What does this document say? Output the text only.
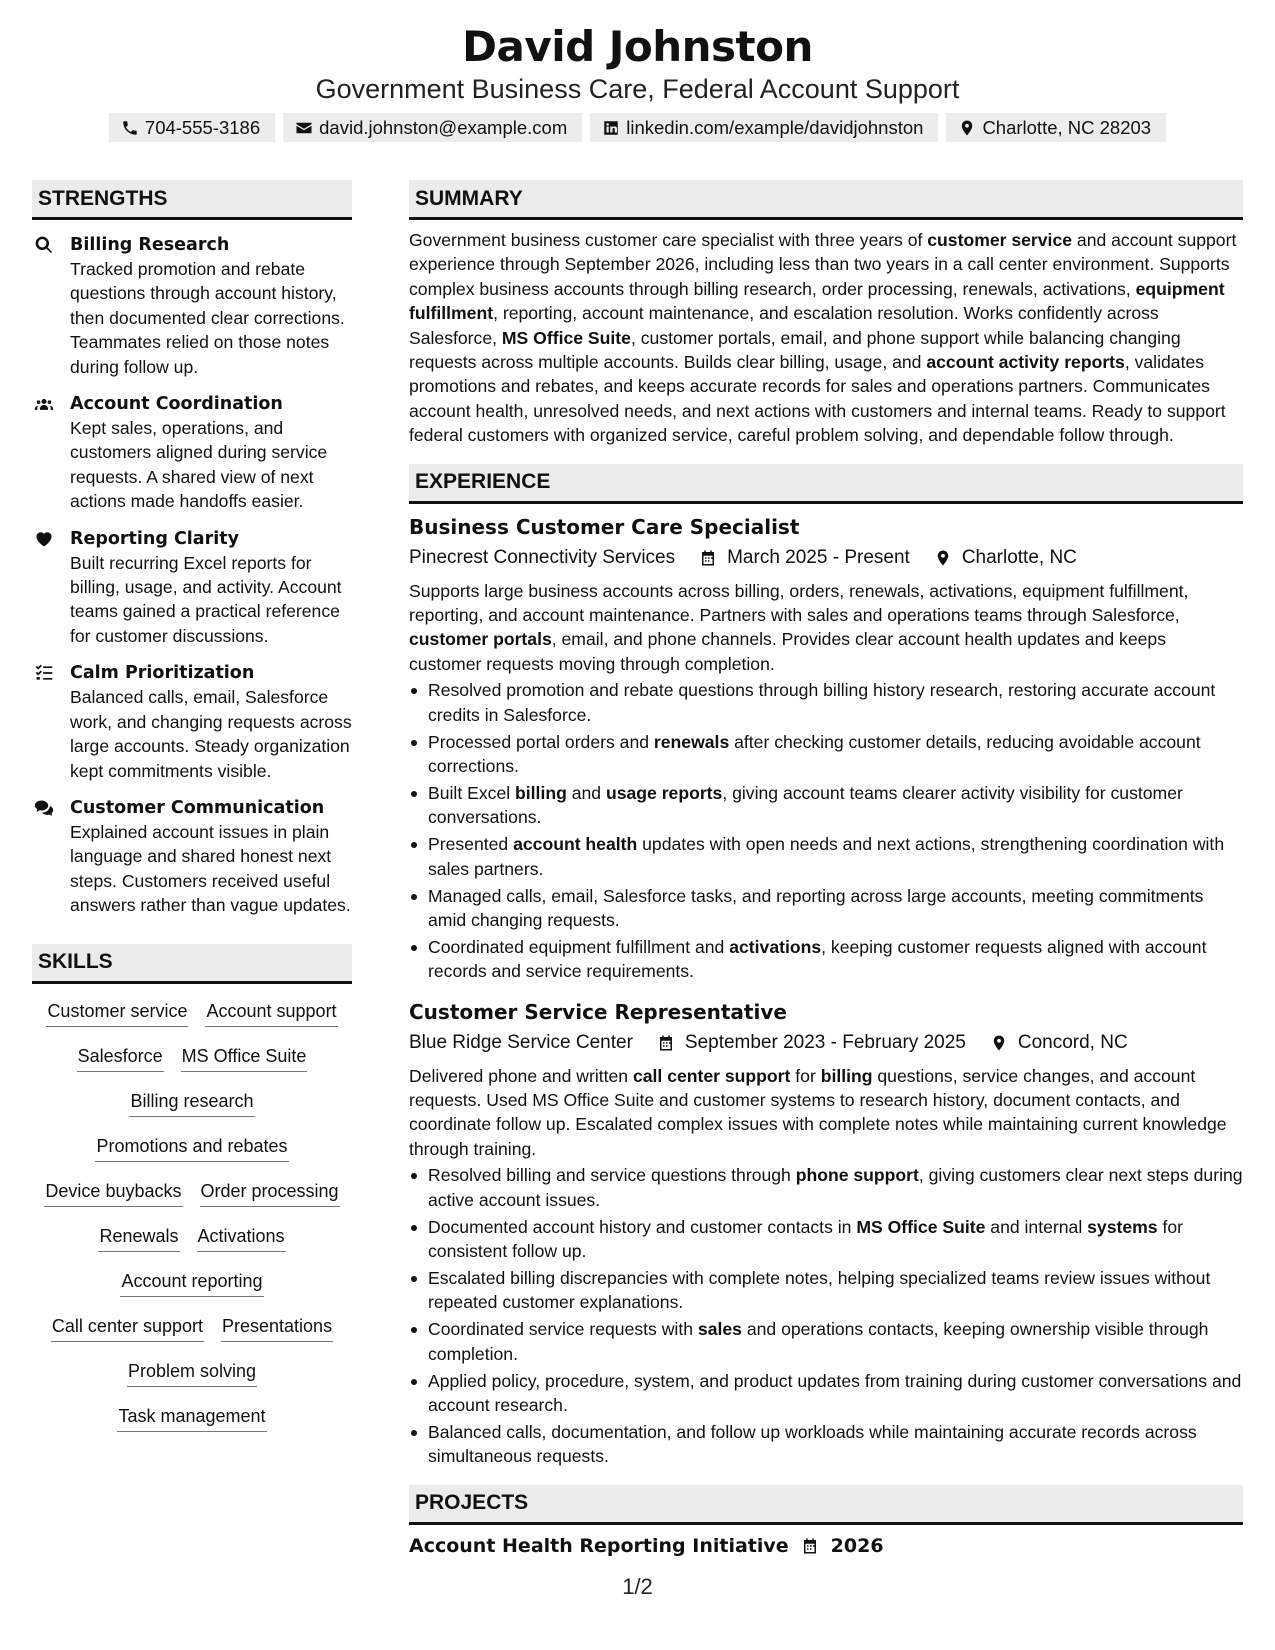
David Johnston
Government Business Care, Federal Account Support
704-555-3186	david.johnston@example.com	linkedin.com/example/davidjohnston	Charlotte, NC 28203
STRENGTHS
Billing Research
Tracked promotion and rebate questions through account history, then documented clear corrections. Teammates relied on those notes during follow up.
Account Coordination
Kept sales, operations, and customers aligned during service requests. A shared view of next actions made handoffs easier.
Reporting Clarity
Built recurring Excel reports for billing, usage, and activity. Account teams gained a practical reference for customer discussions.
Calm Prioritization
Balanced calls, email, Salesforce work, and changing requests across large accounts. Steady organization kept commitments visible.
Customer Communication
Explained account issues in plain language and shared honest next steps. Customers received useful answers rather than vague updates.
SKILLS
Customer service Account support
Salesforce MS Office Suite
Billing research
Promotions and rebates
Device buybacks Order processing
Renewals Activations
Account reporting
Call center support Presentations
Problem solving
Task management
SUMMARY
Government business customer care specialist with three years of customer service and account support experience through September 2026, including less than two years in a call center environment. Supports complex business accounts through billing research, order processing, renewals, activations, equipment fulfillment, reporting, account maintenance, and escalation resolution. Works confidently across Salesforce, MS Office Suite, customer portals, email, and phone support while balancing changing requests across multiple accounts. Builds clear billing, usage, and account activity reports, validates promotions and rebates, and keeps accurate records for sales and operations partners. Communicates account health, unresolved needs, and next actions with customers and internal teams. Ready to support federal customers with organized service, careful problem solving, and dependable follow through.
EXPERIENCE
Business Customer Care Specialist
Pinecrest Connectivity Services	March 2025 - Present	Charlotte, NC
Supports large business accounts across billing, orders, renewals, activations, equipment fulfillment, reporting, and account maintenance. Partners with sales and operations teams through Salesforce, customer portals, email, and phone channels. Provides clear account health updates and keeps customer requests moving through completion.
Resolved promotion and rebate questions through billing history research, restoring accurate account credits in Salesforce.
Processed portal orders and renewals after checking customer details, reducing avoidable account corrections.
Built Excel billing and usage reports, giving account teams clearer activity visibility for customer conversations.
Presented account health updates with open needs and next actions, strengthening coordination with sales partners.
Managed calls, email, Salesforce tasks, and reporting across large accounts, meeting commitments amid changing requests.
Coordinated equipment fulfillment and activations, keeping customer requests aligned with account records and service requirements.
Customer Service Representative
Blue Ridge Service Center	September 2023 - February 2025	Concord, NC
Delivered phone and written call center support for billing questions, service changes, and account requests. Used MS Office Suite and customer systems to research history, document contacts, and coordinate follow up. Escalated complex issues with complete notes while maintaining current knowledge through training.
Resolved billing and service questions through phone support, giving customers clear next steps during active account issues.
Documented account history and customer contacts in MS Office Suite and internal systems for consistent follow up.
Escalated billing discrepancies with complete notes, helping specialized teams review issues without repeated customer explanations.
Coordinated service requests with sales and operations contacts, keeping ownership visible through completion.
Applied policy, procedure, system, and product updates from training during customer conversations and account research.
Balanced calls, documentation, and follow up workloads while maintaining accurate records across simultaneous requests.
PROJECTS
Account Health Reporting Initiative 2026
1/2
